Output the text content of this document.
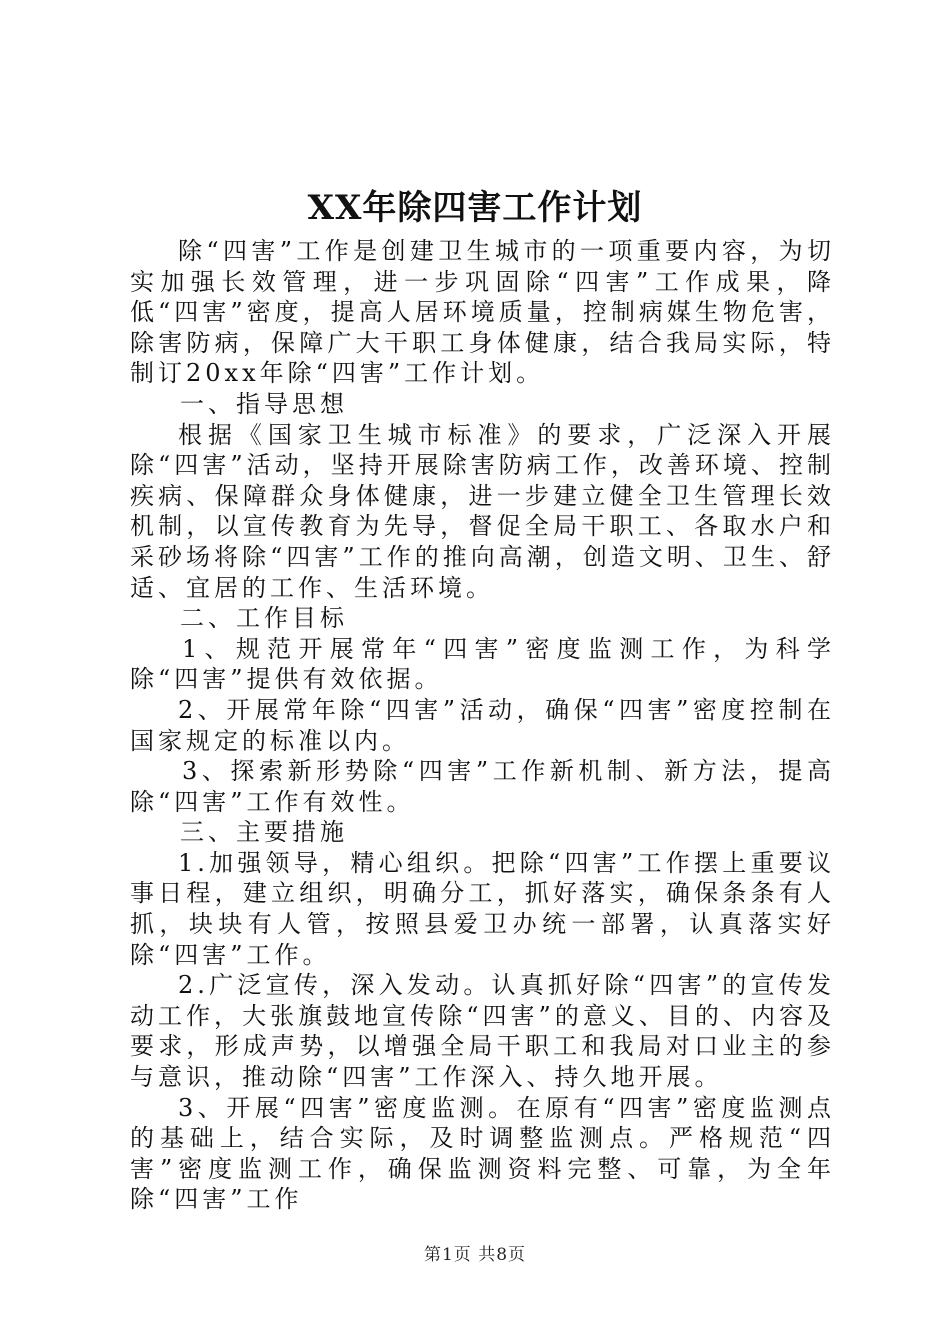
XX年除四害工作计划

除“四害”工作是创建卫生城市的一项重要内容，为切实加强长效管理，进一步巩固除“四害”工作成果，降低“四害”密度，提高人居环境质量，控制病媒生物危害，除害防病，保障广大干职工身体健康，结合我局实际，特制订20xx年除“四害”工作计划。

一、指导思想

根据《国家卫生城市标准》的要求，广泛深入开展除“四害”活动，坚持开展除害防病工作，改善环境、控制疾病、保障群众身体健康，进一步建立健全卫生管理长效机制，以宣传教育为先导，督促全局干职工、各取水户和采砂场将除“四害”工作的推向高潮，创造文明、卫生、舒适、宜居的工作、生活环境。

二、工作目标

1、规范开展常年“四害”密度监测工作，为科学除“四害”提供有效依据。

2、开展常年除“四害”活动，确保“四害”密度控制在国家规定的标准以内。

3、探索新形势除“四害”工作新机制、新方法，提高除“四害”工作有效性。

三、主要措施

1.加强领导，精心组织。把除“四害”工作摆上重要议事日程，建立组织，明确分工，抓好落实，确保条条有人抓，块块有人管，按照县爱卫办统一部署，认真落实好除“四害”工作。

2.广泛宣传，深入发动。认真抓好除“四害”的宣传发动工作，大张旗鼓地宣传除“四害”的意义、目的、内容及要求，形成声势，以增强全局干职工和我局对口业主的参与意识，推动除“四害”工作深入、持久地开展。

3、开展“四害”密度监测。在原有“四害”密度监测点的基础上，结合实际，及时调整监测点。严格规范“四害”密度监测工作，确保监测资料完整、可靠，为全年除“四害”工作

第1页 共8页
